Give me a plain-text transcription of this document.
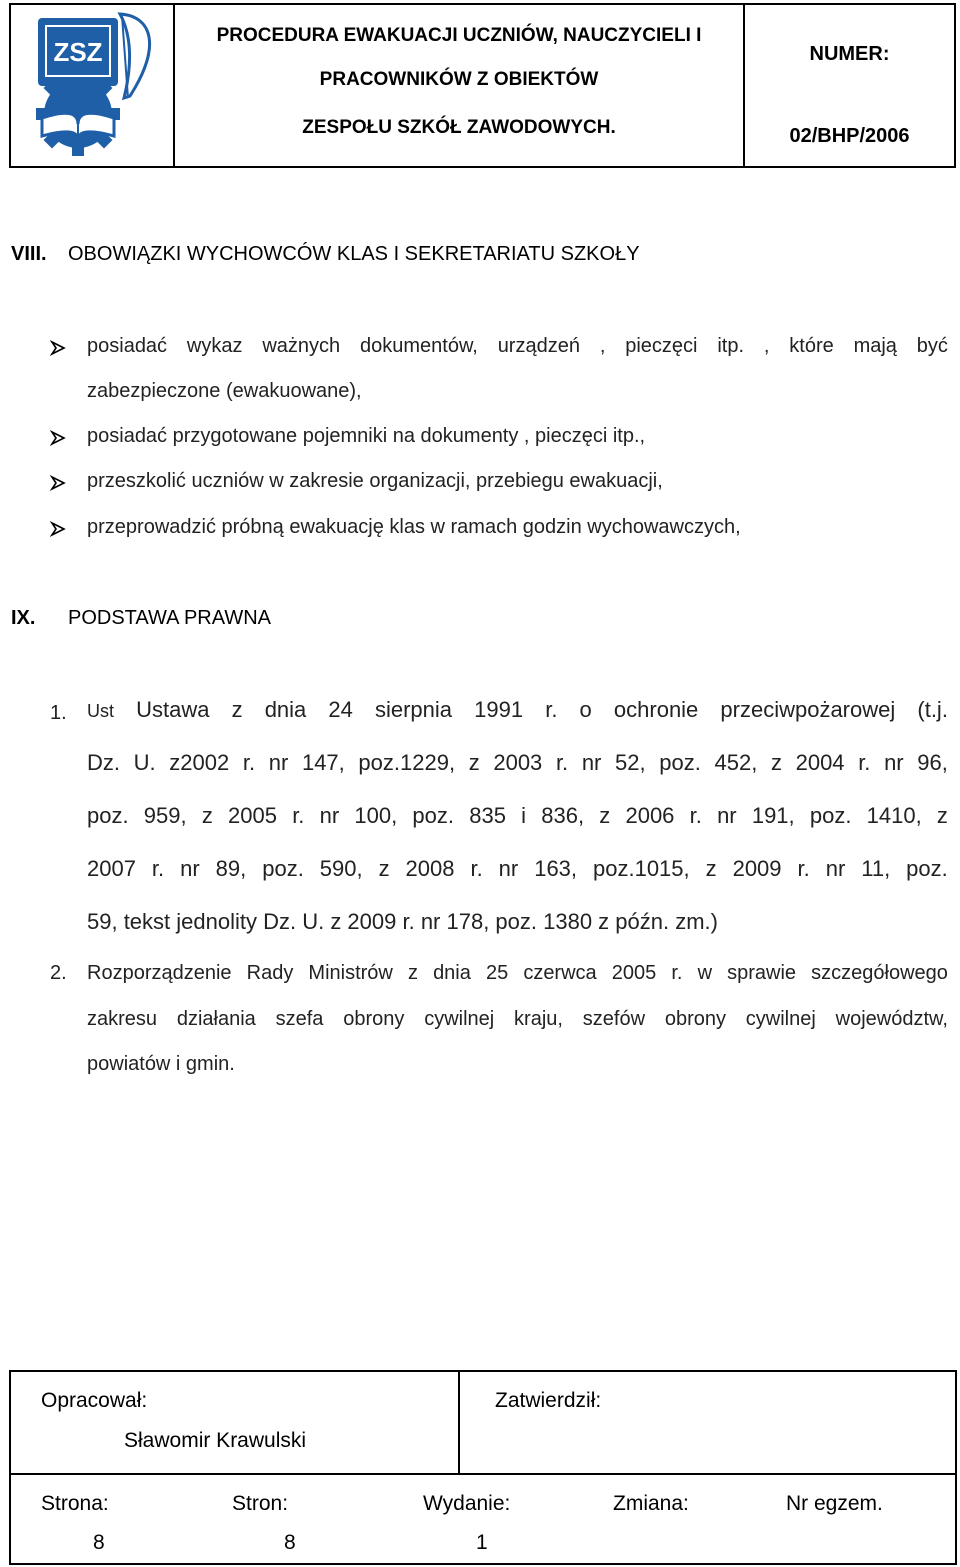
ZSZ
PROCEDURA EWAKUACJI UCZNIÓW, NAUCZYCIELI I
PRACOWNIKÓW Z OBIEKTÓW
ZESPOŁU SZKÓŁ ZAWODOWYCH.
NUMER:
02/BHP/2006
VIII. OBOWIĄZKI WYCHOWCÓW KLAS I SEKRETARIATU SZKOŁY
posiadać wykaz ważnych dokumentów, urządzeń , pieczęci itp. , które mają być
zabezpieczone (ewakuowane),
posiadać przygotowane pojemniki na dokumenty , pieczęci itp.,
przeszkolić uczniów w zakresie organizacji, przebiegu ewakuacji,
przeprowadzić próbną ewakuację klas w ramach godzin wychowawczych,
IX. PODSTAWA PRAWNA
1. Ust Ustawa z dnia 24 sierpnia 1991 r. o ochronie przeciwpożarowej (t.j.
Dz. U. z2002 r. nr 147, poz.1229, z 2003 r. nr 52, poz. 452, z 2004 r. nr 96,
poz. 959, z 2005 r. nr 100, poz. 835 i 836, z 2006 r. nr 191, poz. 1410, z
2007 r. nr 89, poz. 590, z 2008 r. nr 163, poz.1015, z 2009 r. nr 11, poz.
59, tekst jednolity Dz. U. z 2009 r. nr 178, poz. 1380 z późn. zm.)
2. Rozporządzenie Rady Ministrów z dnia 25 czerwca 2005 r. w sprawie szczegółowego
zakresu działania szefa obrony cywilnej kraju, szefów obrony cywilnej województw,
powiatów i gmin.
Opracował:
Sławomir Krawulski
Zatwierdził:
Strona:
8
Stron:
8
Wydanie:
1
Zmiana:	Nr egzem.
